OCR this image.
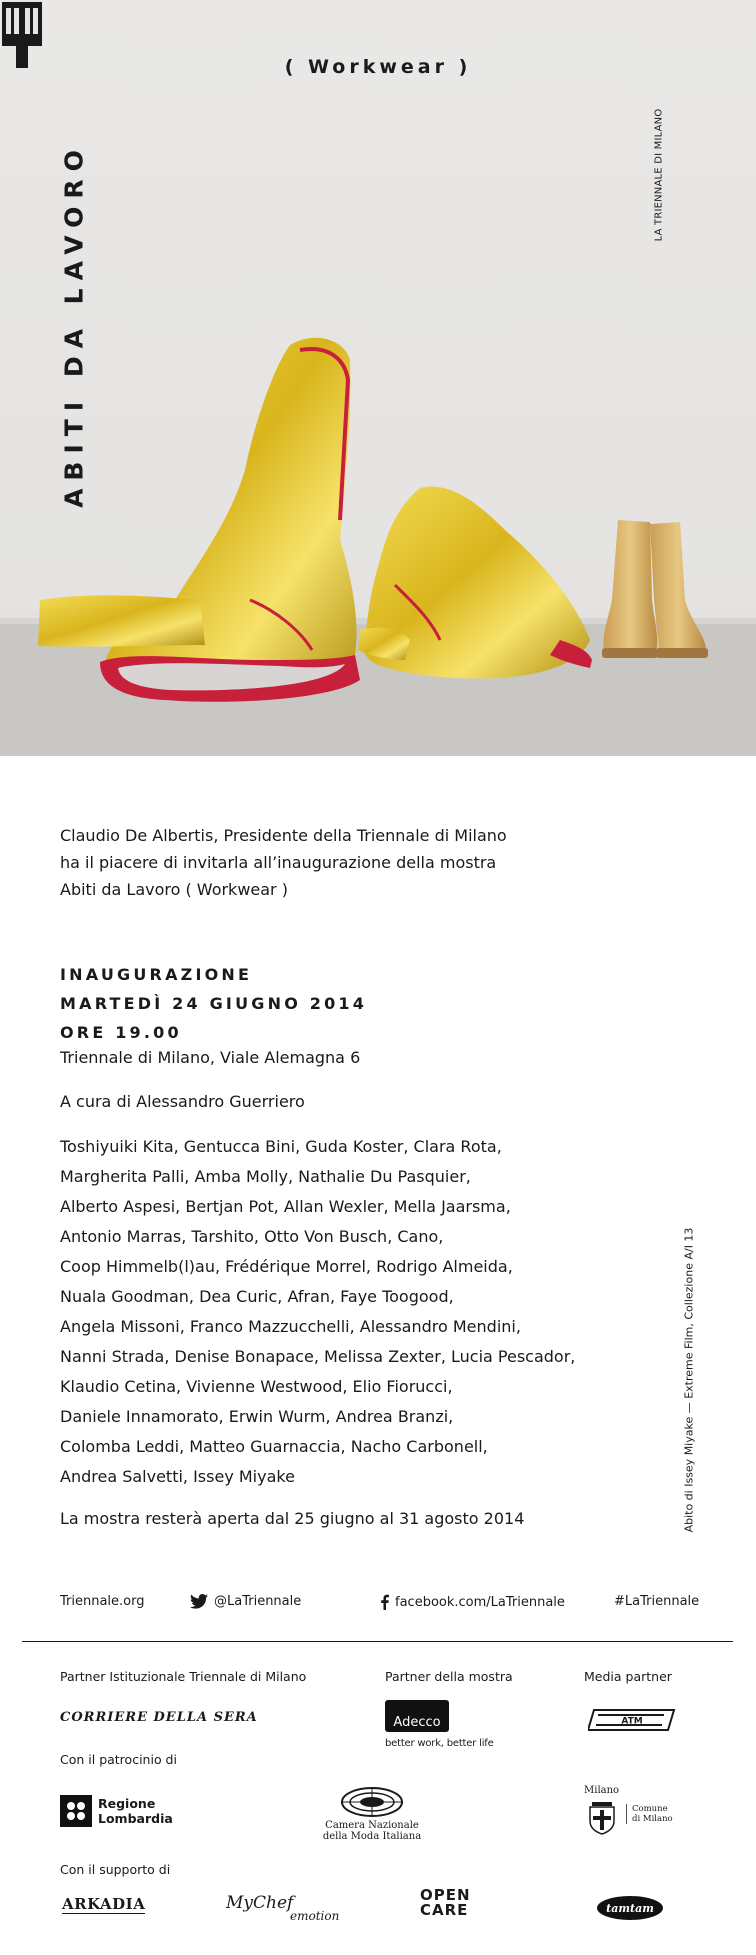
( Workwear )
ABITI DA LAVORO	LA TRIENNALE DI MILANO
Claudio De Albertis, Presidente della Triennale di Milano
ha il piacere di invitarla all’inaugurazione della mostra
Abiti da Lavoro ( Workwear )
INAUGURAZIONE
MARTEDÌ 24 GIUGNO 2014
ORE 19.00
Triennale di Milano, Viale Alemagna 6
A cura di Alessandro Guerriero
Toshiyuiki Kita, Gentucca Bini, Guda Koster, Clara Rota,
Margherita Palli, Amba Molly, Nathalie Du Pasquier,
Alberto Aspesi, Bertjan Pot, Allan Wexler, Mella Jaarsma,
Antonio Marras, Tarshito, Otto Von Busch, Cano,
Coop Himmelb(l)au, Frédérique Morrel, Rodrigo Almeida,
Nuala Goodman, Dea Curic, Afran, Faye Toogood,
Angela Missoni, Franco Mazzucchelli, Alessandro Mendini,
Nanni Strada, Denise Bonapace, Melissa Zexter, Lucia Pescador,
Klaudio Cetina, Vivienne Westwood, Elio Fiorucci,
Daniele Innamorato, Erwin Wurm, Andrea Branzi,
Colomba Leddi, Matteo Guarnaccia, Nacho Carbonell,
Andrea Salvetti, Issey Miyake	Abito di Issey Miyake — Extreme Film, Collezione A/I 13
La mostra resterà aperta dal 25 giugno al 31 agosto 2014
Triennale.org	@LaTriennale	facebook.com/LaTriennale	#LaTriennale
Partner Istituzionale Triennale di Milano	Partner della mostra	Media partner
CORRIERE DELLA SERA	Adecco
better work, better life
ATM
Con il patrocinio di
Regione
Lombardia	Camera Nazionale
della Moda Italiana
Milano
Comune
di Milano
Con il supporto di
ARKADIA	MyChef
emotion
OPEN
CARE	tamtam
